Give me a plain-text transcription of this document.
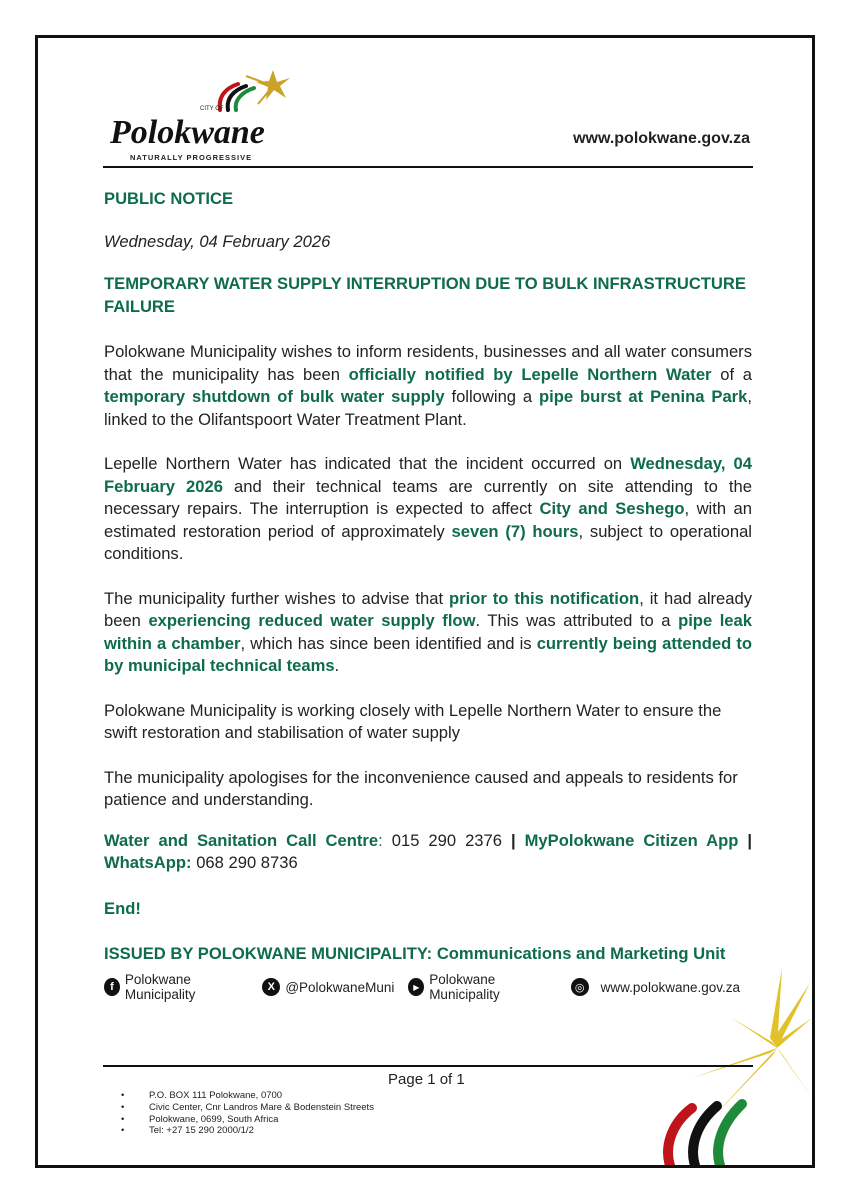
CITY OF
Polokwane
NATURALLY PROGRESSIVE
www.polokwane.gov.za

PUBLIC NOTICE

Wednesday, 04 February 2026

TEMPORARY WATER SUPPLY INTERRUPTION DUE TO BULK INFRASTRUCTURE FAILURE

Polokwane Municipality wishes to inform residents, businesses and all water consumers that the municipality has been officially notified by Lepelle Northern Water of a temporary shutdown of bulk water supply following a pipe burst at Penina Park, linked to the Olifantspoort Water Treatment Plant.

Lepelle Northern Water has indicated that the incident occurred on Wednesday, 04 February 2026 and their technical teams are currently on site attending to the necessary repairs. The interruption is expected to affect City and Seshego, with an estimated restoration period of approximately seven (7) hours, subject to operational conditions.

The municipality further wishes to advise that prior to this notification, it had already been experiencing reduced water supply flow. This was attributed to a pipe leak within a chamber, which has since been identified and is currently being attended to by municipal technical teams.

Polokwane Municipality is working closely with Lepelle Northern Water to ensure the swift restoration and stabilisation of water supply

The municipality apologises for the inconvenience caused and appeals to residents for patience and understanding.

Water and Sanitation Call Centre: 015 290 2376 | MyPolokwane Citizen App | WhatsApp: 068 290 8736

End!

ISSUED BY POLOKWANE MUNICIPALITY: Communications and Marketing Unit

f Polokwane Municipality	X @PolokwaneMuni	▶ Polokwane Municipality	◎	www.polokwane.gov.za
Page 1 of 1
• P.O. BOX 111 Polokwane, 0700
• Civic Center, Cnr Landros Mare & Bodenstein Streets
• Polokwane, 0699, South Africa
• Tel: +27 15 290 2000/1/2
